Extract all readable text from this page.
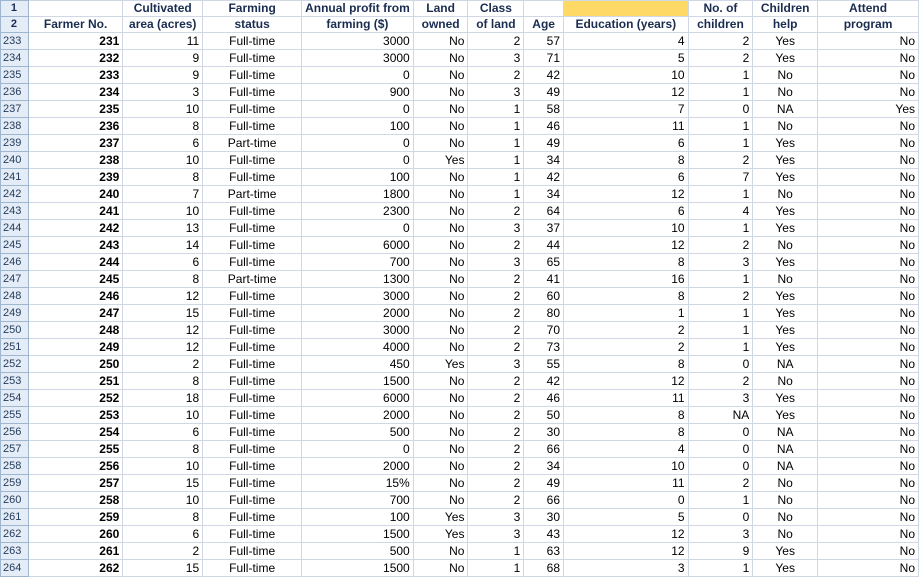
1		Cultivated	Farming	Annual profit from	Land	Class			No. of	Children	Attend
2	Farmer No.	area (acres)	status	farming ($)	owned	of land	Age	Education (years)	children	help	program
233	231	11	Full-time	3000	No	2	57	4	2	Yes	No
234	232	9	Full-time	3000	No	3	71	5	2	Yes	No
235	233	9	Full-time	0	No	2	42	10	1	No	No
236	234	3	Full-time	900	No	3	49	12	1	No	No
237	235	10	Full-time	0	No	1	58	7	0	NA	Yes
238	236	8	Full-time	100	No	1	46	11	1	No	No
239	237	6	Part-time	0	No	1	49	6	1	Yes	No
240	238	10	Full-time	0	Yes	1	34	8	2	Yes	No
241	239	8	Full-time	100	No	1	42	6	7	Yes	No
242	240	7	Part-time	1800	No	1	34	12	1	No	No
243	241	10	Full-time	2300	No	2	64	6	4	Yes	No
244	242	13	Full-time	0	No	3	37	10	1	Yes	No
245	243	14	Full-time	6000	No	2	44	12	2	No	No
246	244	6	Full-time	700	No	3	65	8	3	Yes	No
247	245	8	Part-time	1300	No	2	41	16	1	No	No
248	246	12	Full-time	3000	No	2	60	8	2	Yes	No
249	247	15	Full-time	2000	No	2	80	1	1	Yes	No
250	248	12	Full-time	3000	No	2	70	2	1	Yes	No
251	249	12	Full-time	4000	No	2	73	2	1	Yes	No
252	250	2	Full-time	450	Yes	3	55	8	0	NA	No
253	251	8	Full-time	1500	No	2	42	12	2	No	No
254	252	18	Full-time	6000	No	2	46	11	3	Yes	No
255	253	10	Full-time	2000	No	2	50	8	NA	Yes	No
256	254	6	Full-time	500	No	2	30	8	0	NA	No
257	255	8	Full-time	0	No	2	66	4	0	NA	No
258	256	10	Full-time	2000	No	2	34	10	0	NA	No
259	257	15	Full-time	15%	No	2	49	11	2	No	No
260	258	10	Full-time	700	No	2	66	0	1	No	No
261	259	8	Full-time	100	Yes	3	30	5	0	No	No
262	260	6	Full-time	1500	Yes	3	43	12	3	No	No
263	261	2	Full-time	500	No	1	63	12	9	Yes	No
264	262	15	Full-time	1500	No	1	68	3	1	Yes	No
